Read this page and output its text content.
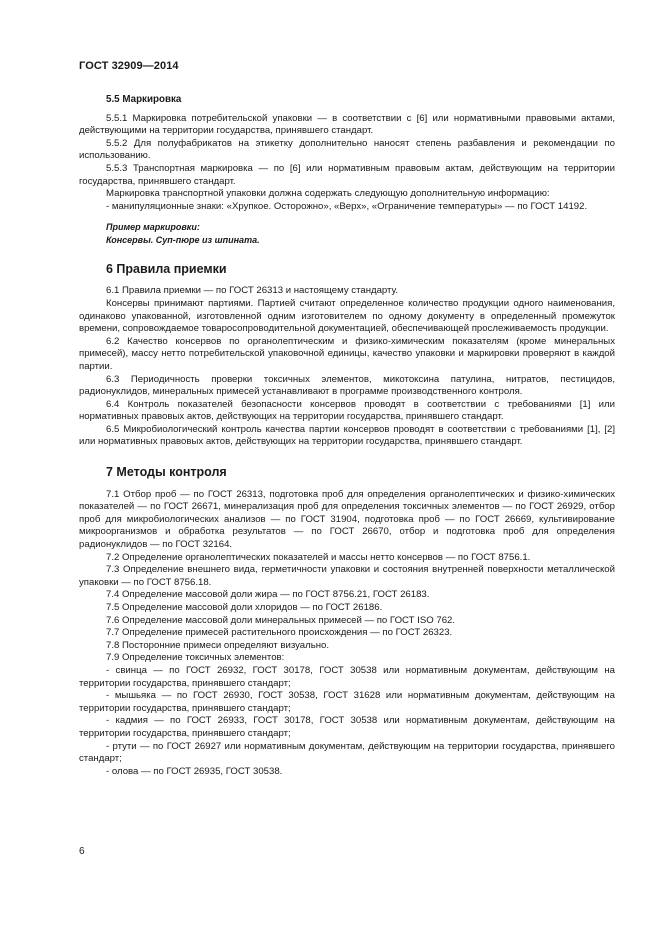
ГОСТ 32909—2014
5.5 Маркировка

5.5.1 Маркировка потребительской упаковки — в соответствии с [6] или нормативными правовыми актами, действующими на территории государства, принявшего стандарт.

5.5.2 Для полуфабрикатов на этикетку дополнительно наносят степень разбавления и рекомендации по использованию.

5.5.3 Транспортная маркировка — по [6] или нормативным правовым актам, действующим на территории государства, принявшего стандарт.

Маркировка транспортной упаковки должна содержать следующую дополнительную информацию:

- манипуляционные знаки: «Хрупкое. Осторожно», «Верх», «Ограничение температуры» — по ГОСТ 14192.

Пример маркировки:
Консервы. Суп-пюре из шпината.
6 Правила приемки

6.1 Правила приемки — по ГОСТ 26313 и настоящему стандарту.

Консервы принимают партиями. Партией считают определенное количество продукции одного наименования, одинаково упакованной, изготовленной одним изготовителем по одному документу в определенный промежуток времени, сопровождаемое товаросопроводительной документацией, обеспечивающей прослеживаемость продукции.

6.2 Качество консервов по органолептическим и физико-химическим показателям (кроме минеральных примесей), массу нетто потребительской упаковочной единицы, качество упаковки и маркировки проверяют в каждой партии.

6.3 Периодичность проверки токсичных элементов, микотоксина патулина, нитратов, пестицидов, радионуклидов, минеральных примесей устанавливают в программе производственного контроля.

6.4 Контроль показателей безопасности консервов проводят в соответствии с требованиями [1] или нормативных правовых актов, действующих на территории государства, принявшего стандарт.

6.5 Микробиологический контроль качества партии консервов проводят в соответствии с требованиями [1], [2] или нормативных правовых актов, действующих на территории государства, принявшего стандарт.

7 Методы контроля

7.1 Отбор проб — по ГОСТ 26313, подготовка проб для определения органолептических и физико-химических показателей — по ГОСТ 26671, минерализация проб для определения токсичных элементов — по ГОСТ 26929, отбор проб для микробиологических анализов — по ГОСТ 31904, подготовка проб — по ГОСТ 26669, культивирование микроорганизмов и обработка результатов — по ГОСТ 26670, отбор и подготовка проб для определения радионуклидов — по ГОСТ 32164.

7.2 Определение органолептических показателей и массы нетто консервов — по ГОСТ 8756.1.

7.3 Определение внешнего вида, герметичности упаковки и состояния внутренней поверхности металлической упаковки — по ГОСТ 8756.18.

7.4 Определение массовой доли жира — по ГОСТ 8756.21, ГОСТ 26183.

7.5 Определение массовой доли хлоридов — по ГОСТ 26186.

7.6 Определение массовой доли минеральных примесей — по ГОСТ ISO 762.

7.7 Определение примесей растительного происхождения — по ГОСТ 26323.

7.8 Посторонние примеси определяют визуально.

7.9 Определение токсичных элементов:

- свинца — по ГОСТ 26932, ГОСТ 30178, ГОСТ 30538 или нормативным документам, действующим на территории государства, принявшего стандарт;

- мышьяка — по ГОСТ 26930, ГОСТ 30538, ГОСТ 31628 или нормативным документам, действующим на территории государства, принявшего стандарт;

- кадмия — по ГОСТ 26933, ГОСТ 30178, ГОСТ 30538 или нормативным документам, действующим на территории государства, принявшего стандарт;

- ртути — по ГОСТ 26927 или нормативным документам, действующим на территории государства, принявшего стандарт;

- олова — по ГОСТ 26935, ГОСТ 30538.

6
